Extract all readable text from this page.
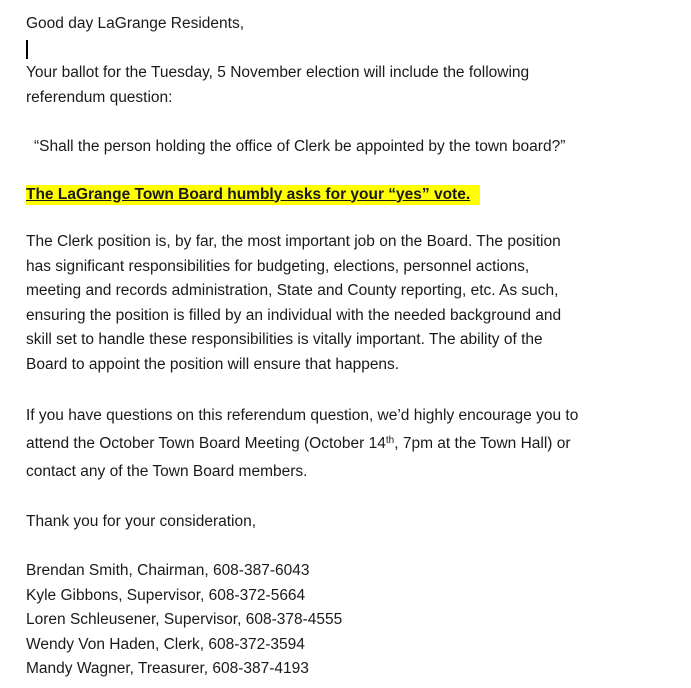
Good day LaGrange Residents,
Your ballot for the Tuesday, 5 November election will include the following
referendum question:
“Shall the person holding the office of Clerk be appointed by the town board?”
The LaGrange Town Board humbly asks for your “yes” vote.
The Clerk position is, by far, the most important job on the Board. The position
has significant responsibilities for budgeting, elections, personnel actions,
meeting and records administration, State and County reporting, etc. As such,
ensuring the position is filled by an individual with the needed background and
skill set to handle these responsibilities is vitally important. The ability of the
Board to appoint the position will ensure that happens.
If you have questions on this referendum question, we’d highly encourage you to
attend the October Town Board Meeting (October 14th, 7pm at the Town Hall) or
contact any of the Town Board members.
Thank you for your consideration,
Brendan Smith, Chairman, 608-387-6043
Kyle Gibbons, Supervisor, 608-372-5664
Loren Schleusener, Supervisor, 608-378-4555
Wendy Von Haden, Clerk, 608-372-3594
Mandy Wagner, Treasurer, 608-387-4193
